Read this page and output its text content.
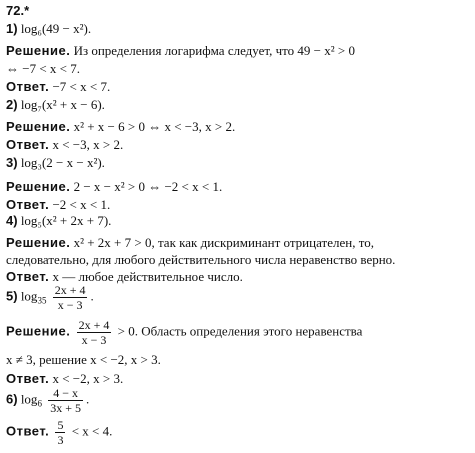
72.*
1) log₆(49 − x²).
Решение. Из определения логарифма следует, что 49 − x² > 0
⇔ −7 < x < 7.
Ответ. −7 < x < 7.
2) log₇(x² + x − 6).
Решение. x² + x − 6 > 0 ⇔ x < −3, x > 2.
Ответ. x < −3, x > 2.
3) log₃(2 − x − x²).
Решение. 2 − x − x² > 0 ⇔ −2 < x < 1.
Ответ. −2 < x < 1.
4) log₅(x² + 2x + 7).
Решение. x² + 2x + 7 > 0, так как дискриминант отрицателен, то,
следовательно, для любого действительного числа неравенство верно.
Ответ. x — любое действительное число.
5) $\log_{35} \frac{2x + 4}{x - 3}$ .
Решение. $\frac{2x + 4}{x - 3} > 0$. Область определения этого неравенства
x ≠ 3, решение x < −2, x > 3.
Ответ. x < −2, x > 3.
6) $\log_6 \frac{4 - x}{3x + 5}$ .
Ответ. $\frac{5}{3} < x < 4$.
